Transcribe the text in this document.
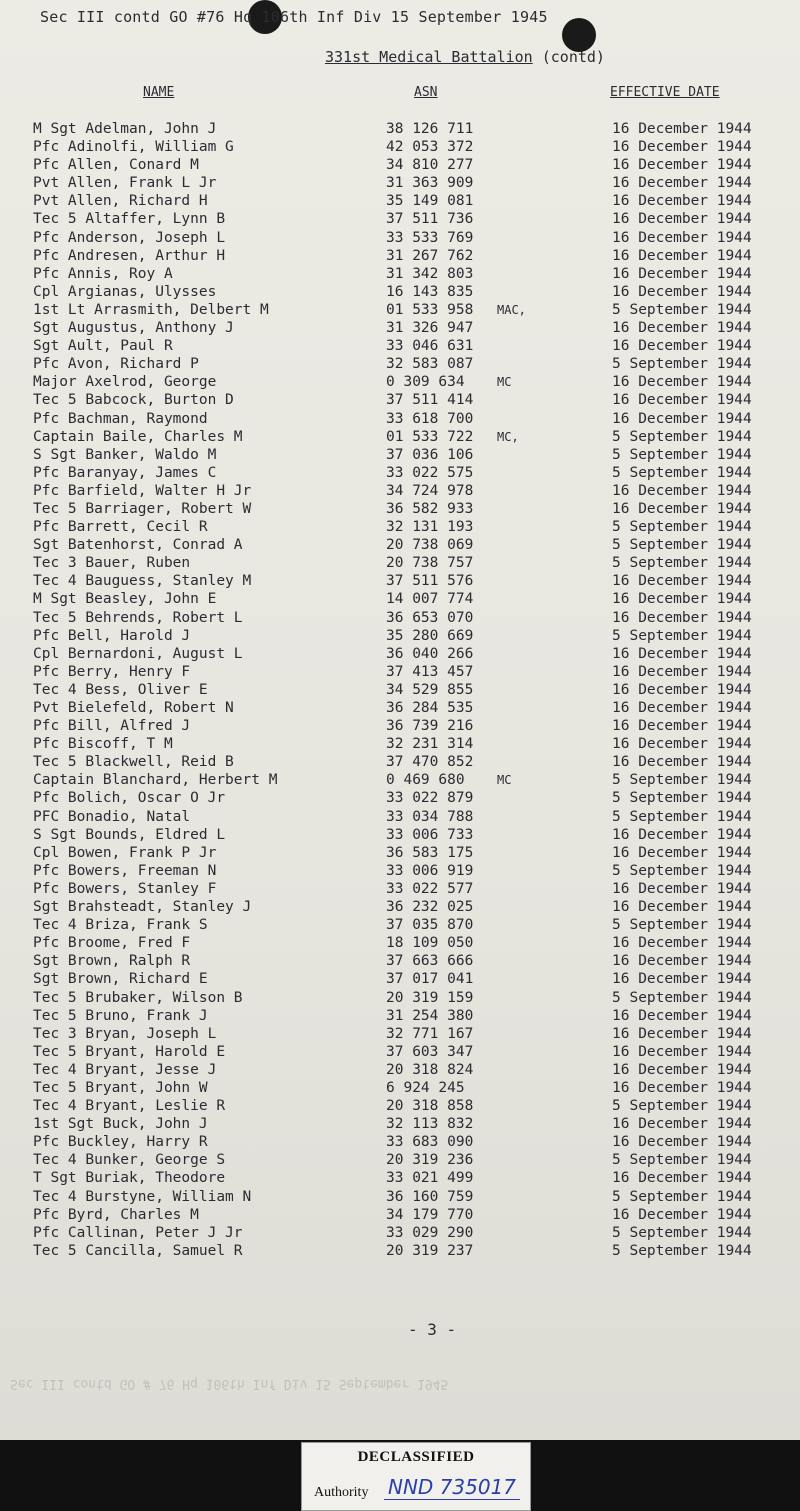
Sec III contd GO #76 Hq 106th Inf Div 15 September 1945
331st Medical Battalion (contd)
NAME	ASN	EFFECTIVE DATE
M Sgt Adelman, John J	38 126 711	16 December 1944
Pfc Adinolfi, William G	42 053 372	16 December 1944
Pfc Allen, Conard M	34 810 277	16 December 1944
Pvt Allen, Frank L Jr	31 363 909	16 December 1944
Pvt Allen, Richard H	35 149 081	16 December 1944
Tec 5 Altaffer, Lynn B	37 511 736	16 December 1944
Pfc Anderson, Joseph L	33 533 769	16 December 1944
Pfc Andresen, Arthur H	31 267 762	16 December 1944
Pfc Annis, Roy A	31 342 803	16 December 1944
Cpl Argianas, Ulysses	16 143 835	16 December 1944
1st Lt Arrasmith, Delbert M	01 533 958 MAC,	5 September 1944
Sgt Augustus, Anthony J	31 326 947	16 December 1944
Sgt Ault, Paul R	33 046 631	16 December 1944
Pfc Avon, Richard P	32 583 087	5 September 1944
Major Axelrod, George	0 309 634	MC	16 December 1944
Tec 5 Babcock, Burton D	37 511 414	16 December 1944
Pfc Bachman, Raymond	33 618 700	16 December 1944
Captain Baile, Charles M	01 533 722 MC,	5 September 1944
S Sgt Banker, Waldo M	37 036 106	5 September 1944
Pfc Baranyay, James C	33 022 575	5 September 1944
Pfc Barfield, Walter H Jr	34 724 978	16 December 1944
Tec 5 Barriager, Robert W	36 582 933	16 December 1944
Pfc Barrett, Cecil R	32 131 193	5 September 1944
Sgt Batenhorst, Conrad A	20 738 069	5 September 1944
Tec 3 Bauer, Ruben	20 738 757	5 September 1944
Tec 4 Bauguess, Stanley M	37 511 576	16 December 1944
M Sgt Beasley, John E	14 007 774	16 December 1944
Tec 5 Behrends, Robert L	36 653 070	16 December 1944
Pfc Bell, Harold J	35 280 669	5 September 1944
Cpl Bernardoni, August L	36 040 266	16 December 1944
Pfc Berry, Henry F	37 413 457	16 December 1944
Tec 4 Bess, Oliver E	34 529 855	16 December 1944
Pvt Bielefeld, Robert N	36 284 535	16 December 1944
Pfc Bill, Alfred J	36 739 216	16 December 1944
Pfc Biscoff, T M	32 231 314	16 December 1944
Tec 5 Blackwell, Reid B	37 470 852	16 December 1944
Captain Blanchard, Herbert M	0 469 680	MC	5 September 1944
Pfc Bolich, Oscar O Jr	33 022 879	5 September 1944
PFC Bonadio, Natal	33 034 788	5 September 1944
S Sgt Bounds, Eldred L	33 006 733	16 December 1944
Cpl Bowen, Frank P Jr	36 583 175	16 December 1944
Pfc Bowers, Freeman N	33 006 919	5 September 1944
Pfc Bowers, Stanley F	33 022 577	16 December 1944
Sgt Brahsteadt, Stanley J	36 232 025	16 December 1944
Tec 4 Briza, Frank S	37 035 870	5 September 1944
Pfc Broome, Fred F	18 109 050	16 December 1944
Sgt Brown, Ralph R	37 663 666	16 December 1944
Sgt Brown, Richard E	37 017 041	16 December 1944
Tec 5 Brubaker, Wilson B	20 319 159	5 September 1944
Tec 5 Bruno, Frank J	31 254 380	16 December 1944
Tec 3 Bryan, Joseph L	32 771 167	16 December 1944
Tec 5 Bryant, Harold E	37 603 347	16 December 1944
Tec 4 Bryant, Jesse J	20 318 824	16 December 1944
Tec 5 Bryant, John W	6 924 245	16 December 1944
Tec 4 Bryant, Leslie R	20 318 858	5 September 1944
1st Sgt Buck, John J	32 113 832	16 December 1944
Pfc Buckley, Harry R	33 683 090	16 December 1944
Tec 4 Bunker, George S	20 319 236	5 September 1944
T Sgt Buriak, Theodore	33 021 499	16 December 1944
Tec 4 Burstyne, William N	36 160 759	5 September 1944
Pfc Byrd, Charles M	34 179 770	16 December 1944
Pfc Callinan, Peter J Jr	33 029 290	5 September 1944
Tec 5 Cancilla, Samuel R	20 319 237	5 September 1944
- 3 -
Sec III contd GO # 76 Hq 106th Inf Div 15 September 1945
DECLASSIFIED
Authority NND 735017
